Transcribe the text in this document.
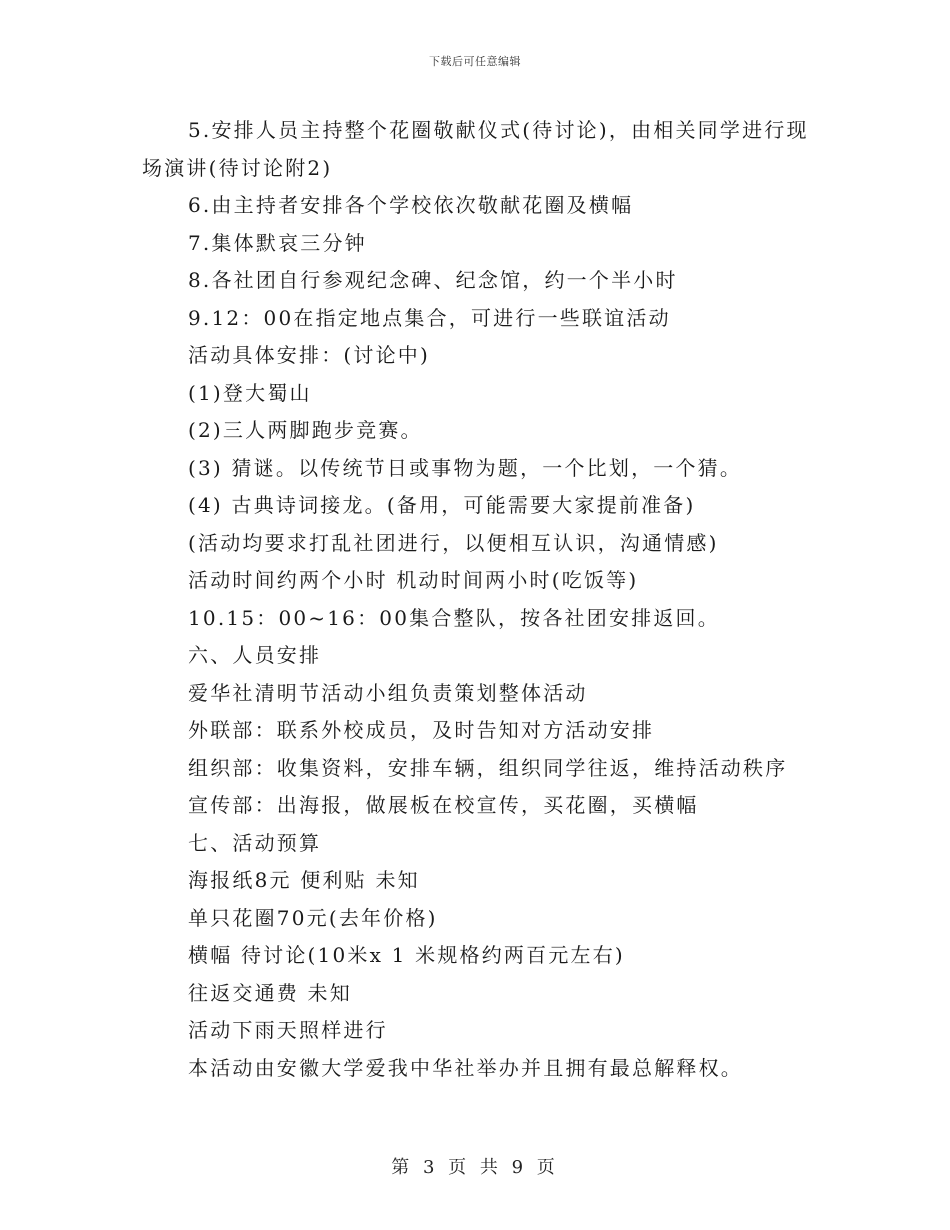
下载后可任意编辑
5.安排人员主持整个花圈敬献仪式(待讨论)，由相关同学进行现
场演讲(待讨论附2)
6.由主持者安排各个学校依次敬献花圈及横幅
7.集体默哀三分钟
8.各社团自行参观纪念碑、纪念馆，约一个半小时
9.12：00在指定地点集合，可进行一些联谊活动
活动具体安排：(讨论中)
(1)登大蜀山
(2)三人两脚跑步竞赛。
(3) 猜谜。以传统节日或事物为题，一个比划，一个猜。
(4) 古典诗词接龙。(备用，可能需要大家提前准备)
(活动均要求打乱社团进行，以便相互认识，沟通情感)
活动时间约两个小时 机动时间两小时(吃饭等)
10.15：00~16：00集合整队，按各社团安排返回。
六、人员安排
爱华社清明节活动小组负责策划整体活动
外联部：联系外校成员，及时告知对方活动安排
组织部：收集资料，安排车辆，组织同学往返，维持活动秩序
宣传部：出海报，做展板在校宣传，买花圈，买横幅
七、活动预算
海报纸8元 便利贴 未知
单只花圈70元(去年价格)
横幅 待讨论(10米x 1 米规格约两百元左右)
往返交通费 未知
活动下雨天照样进行
本活动由安徽大学爱我中华社举办并且拥有最总解释权。
第 3 页 共 9 页
